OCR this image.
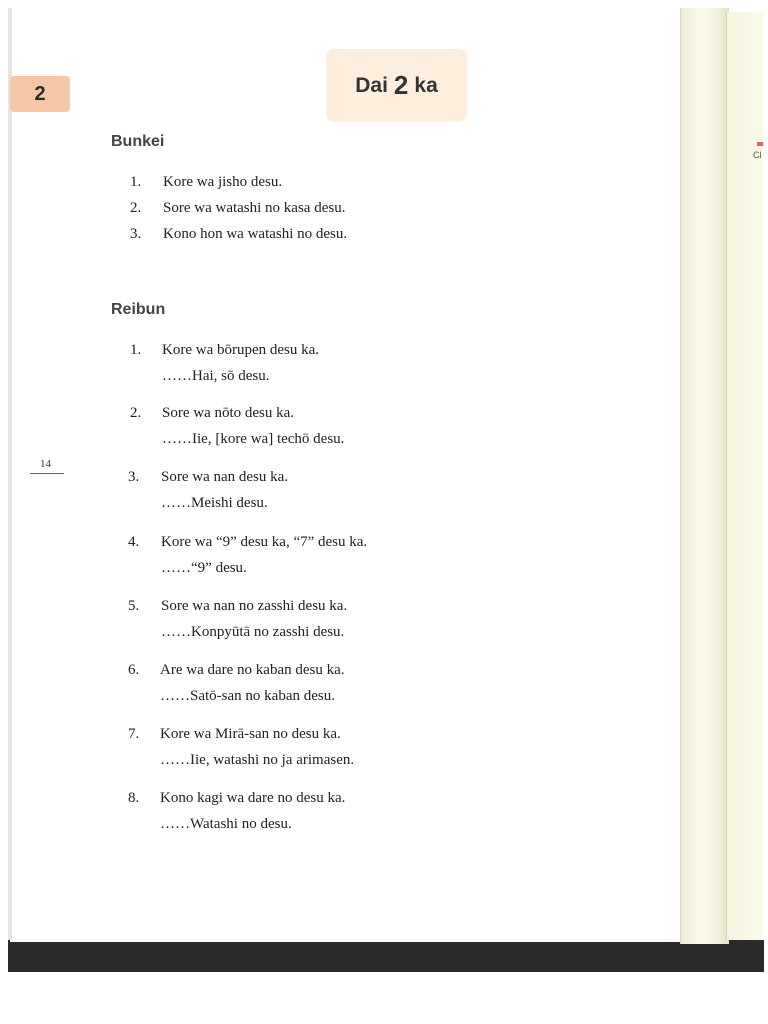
Cl
2	Dai 2 ka
Bunkei
1. Kore wa jisho desu.
2. Sore wa watashi no kasa desu.
3. Kono hon wa watashi no desu.
Reibun
1. Kore wa bōrupen desu ka.
……Hai, sō desu.
2. Sore wa nōto desu ka.
……Iie, [kore wa] techō desu.
3. Sore wa nan desu ka.
……Meishi desu.
4. Kore wa “9” desu ka, “7” desu ka.
……“9” desu.
5. Sore wa nan no zasshi desu ka.
……Konpyūtā no zasshi desu.
6. Are wa dare no kaban desu ka.
……Satō-san no kaban desu.
7. Kore wa Mirā-san no desu ka.
……Iie, watashi no ja arimasen.
8. Kono kagi wa dare no desu ka.
……Watashi no desu.
14
